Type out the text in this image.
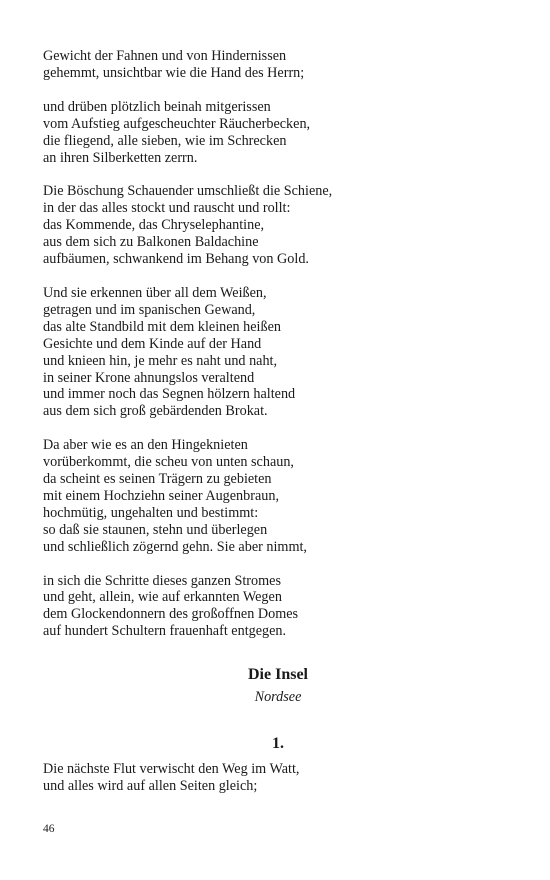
Gewicht der Fahnen und von Hindernissen
gehemmt, unsichtbar wie die Hand des Herrn;
und drüben plötzlich beinah mitgerissen
vom Aufstieg aufgescheuchter Räucherbecken,
die fliegend, alle sieben, wie im Schrecken
an ihren Silberketten zerrn.
Die Böschung Schauender umschließt die Schiene,
in der das alles stockt und rauscht und rollt:
das Kommende, das Chryselephantine,
aus dem sich zu Balkonen Baldachine
aufbäumen, schwankend im Behang von Gold.
Und sie erkennen über all dem Weißen,
getragen und im spanischen Gewand,
das alte Standbild mit dem kleinen heißen
Gesichte und dem Kinde auf der Hand
und knieen hin, je mehr es naht und naht,
in seiner Krone ahnungslos veraltend
und immer noch das Segnen hölzern haltend
aus dem sich groß gebärdenden Brokat.
Da aber wie es an den Hingeknieten
vorüberkommt, die scheu von unten schaun,
da scheint es seinen Trägern zu gebieten
mit einem Hochziehn seiner Augenbraun,
hochmütig, ungehalten und bestimmt:
so daß sie staunen, stehn und überlegen
und schließlich zögernd gehn. Sie aber nimmt,
in sich die Schritte dieses ganzen Stromes
und geht, allein, wie auf erkannten Wegen
dem Glockendonnern des großoffnen Domes
auf hundert Schultern frauenhaft entgegen.
Die Insel
Nordsee
1.
Die nächste Flut verwischt den Weg im Watt,
und alles wird auf allen Seiten gleich;
46
